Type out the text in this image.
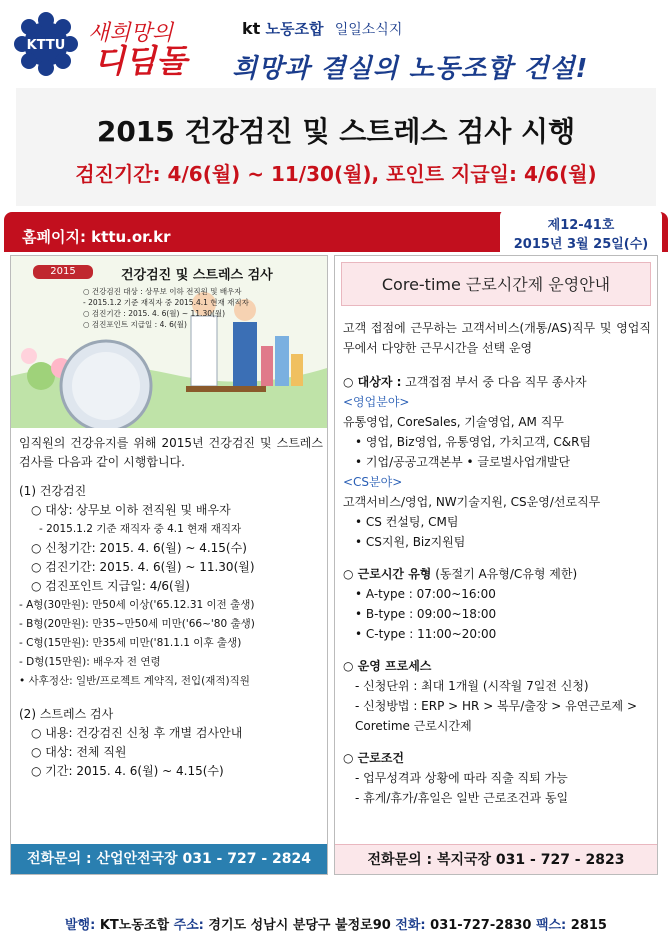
KTTU 새희망의
디딤돌
kt 노동조합 일일소식지
희망과 결실의 노동조합 건설!
2015 건강검진 및 스트레스 검사 시행
검진기간: 4/6(월) ~ 11/30(월), 포인트 지급일: 4/6(월)
홈페이지: kttu.or.kr
제12-41호
2015년 3월 25일(수)
2015	건강검진 및 스트레스 검사
○ 건강검진 대상 : 상무보 이하 전직원 및 배우자
- 2015.1.2 기준 재직자 중 2015.4.1 현재 재직자
○ 검진기간 : 2015. 4. 6(월) ~ 11.30(월)
○ 검진포인트 지급일 : 4. 6(월)
임직원의 건강유지를 위해 2015년 건강검진 및 스트레스 검사를 다음과 같이 시행합니다.
(1) 건강검진
○ 대상: 상무보 이하 전직원 및 배우자
- 2015.1.2 기준 재직자 중 4.1 현재 재직자
○ 신청기간: 2015. 4. 6(월) ~ 4.15(수)
○ 검진기간: 2015. 4. 6(월) ~ 11.30(월)
○ 검진포인트 지급일: 4/6(월)
- A형(30만원): 만50세 이상('65.12.31 이전 출생)
- B형(20만원): 만35~만50세 미만('66~'80 출생)
- C형(15만원): 만35세 미만('81.1.1 이후 출생)
- D형(15만원): 배우자 전 연령
• 사후정산: 일반/프로젝트 계약직, 전입(재적)직원
(2) 스트레스 검사
○ 내용: 건강검진 신청 후 개별 검사안내
○ 대상: 전체 직원
○ 기간: 2015. 4. 6(월) ~ 4.15(수)
전화문의 : 산업안전국장 031 - 727 - 2824
Core-time 근로시간제 운영안내
고객 접점에 근무하는 고객서비스(개통/AS)직무 및 영업직무에서 다양한 근무시간을 선택 운영
○ 대상자 : 고객접점 부서 중 다음 직무 종사자
<영업분야>
유통영업, CoreSales, 기술영업, AM 직무
• 영업, Biz영업, 유통영업, 가치고객, C&R팀
• 기업/공공고객본부 • 글로벌사업개발단
<CS분야>
고객서비스/영업, NW기술지원, CS운영/선로직무
• CS 컨설팅, CM팀
• CS지원, Biz지원팀
○ 근로시간 유형 (동절기 A유형/C유형 제한)
• A-type : 07:00~16:00
• B-type : 09:00~18:00
• C-type : 11:00~20:00
○ 운영 프로세스
- 신청단위 : 최대 1개월 (시작월 7일전 신청)
- 신청방법 : ERP > HR > 복무/출장 > 유연근로제 > Coretime 근로시간제
○ 근로조건
- 업무성격과 상황에 따라 직출 직퇴 가능
- 휴게/휴가/휴일은 일반 근로조건과 동일
전화문의 : 복지국장 031 - 727 - 2823
발행: KT노동조합 주소: 경기도 성남시 분당구 불정로90 전화: 031-727-2830 팩스: 2815
